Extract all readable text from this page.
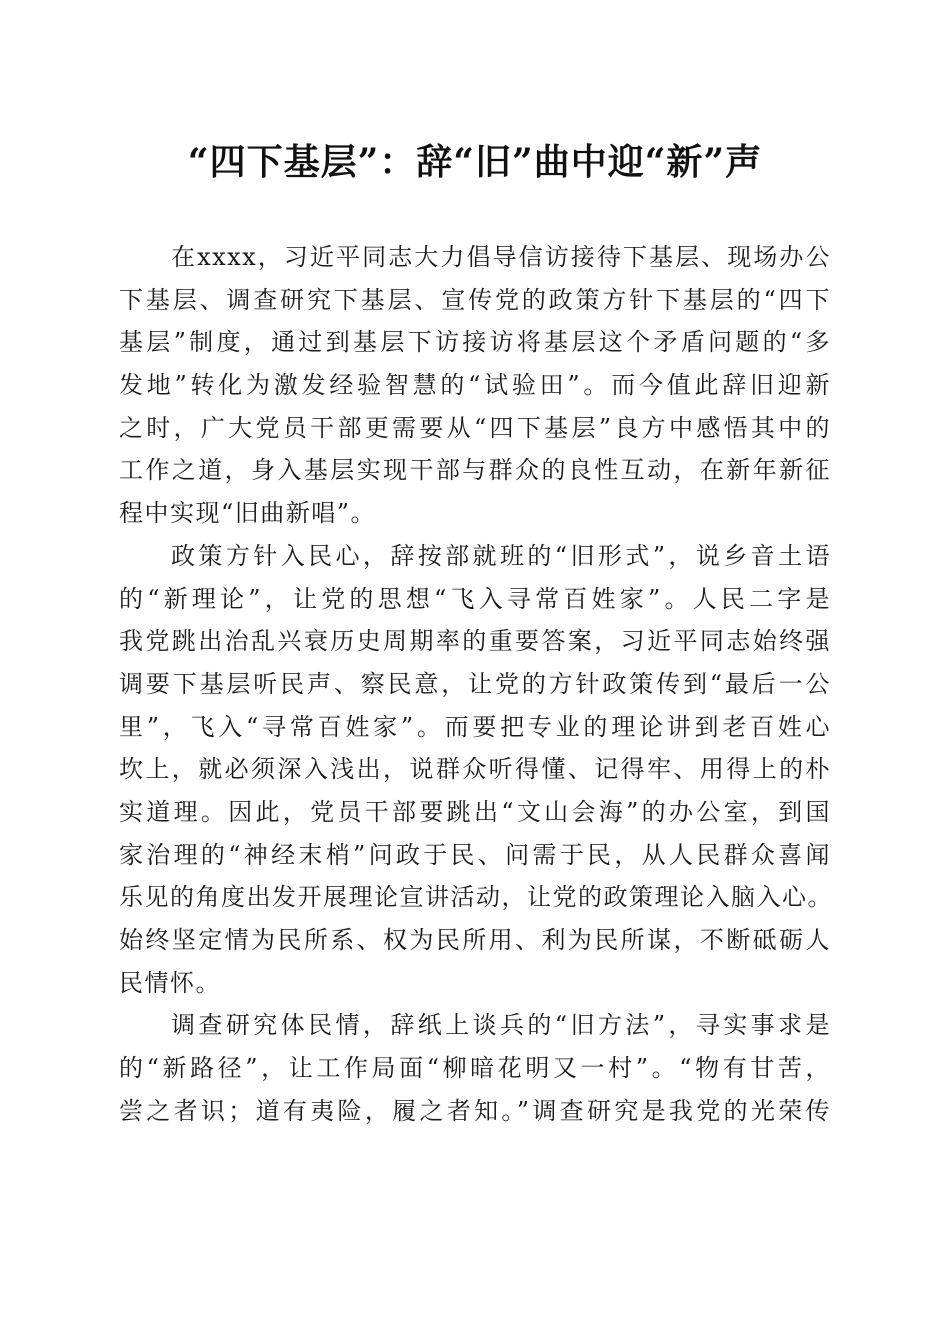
“四下基层”：辞“旧”曲中迎“新”声
在xxxx，习近平同志大力倡导信访接待下基层、现场办公
下基层、调查研究下基层、宣传党的政策方针下基层的“四下
基层”制度，通过到基层下访接访将基层这个矛盾问题的“多
发地”转化为激发经验智慧的“试验田”。而今值此辞旧迎新
之时，广大党员干部更需要从“四下基层”良方中感悟其中的
工作之道，身入基层实现干部与群众的良性互动，在新年新征
程中实现“旧曲新唱”。
政策方针入民心，辞按部就班的“旧形式”，说乡音土语
的“新理论”，让党的思想“飞入寻常百姓家”。人民二字是
我党跳出治乱兴衰历史周期率的重要答案，习近平同志始终强
调要下基层听民声、察民意，让党的方针政策传到“最后一公
里”，飞入“寻常百姓家”。而要把专业的理论讲到老百姓心
坎上，就必须深入浅出，说群众听得懂、记得牢、用得上的朴
实道理。因此，党员干部要跳出“文山会海”的办公室，到国
家治理的“神经末梢”问政于民、问需于民，从人民群众喜闻
乐见的角度出发开展理论宣讲活动，让党的政策理论入脑入心。
始终坚定情为民所系、权为民所用、利为民所谋，不断砥砺人
民情怀。
调查研究体民情，辞纸上谈兵的“旧方法”，寻实事求是
的“新路径”，让工作局面“柳暗花明又一村”。“物有甘苦，
尝之者识；道有夷险，履之者知。”调查研究是我党的光荣传
